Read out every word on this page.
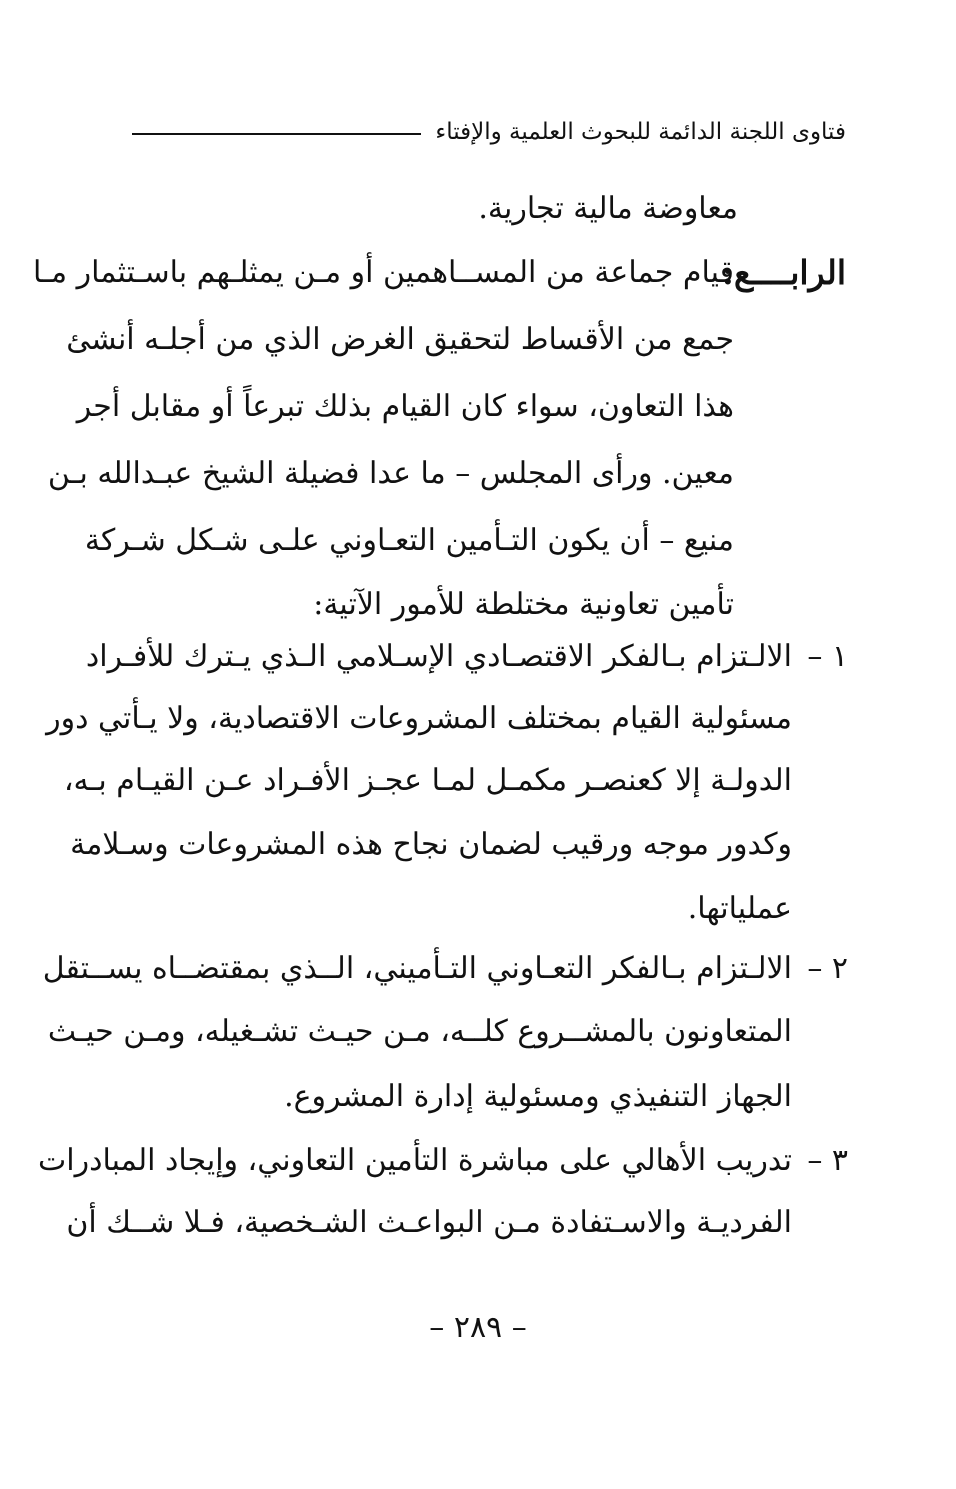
فتاوى اللجنة الدائمة للبحوث العلمية والإفتاء
معاوضة مالية تجارية.
الرابــــع:
قيام جماعة من المســاهمين أو مـن يمثلـهم باسـتثمار مـا
جمع من الأقساط لتحقيق الغرض الذي من أجلـه أنشئ
هذا التعاون، سواء كان القيام بذلك تبرعاً أو مقابل أجر
معين. ورأى المجلس – ما عدا فضيلة الشيخ عبـدالله بـن
منيع – أن يكون التـأمين التعـاوني علـى شـكل شـركة
تأمين تعاونية مختلطة للأمور الآتية:
١ –
الالـتزام بـالفكر الاقتصـادي الإسـلامي الـذي يـترك للأفـراد
مسئولية القيام بمختلف المشروعات الاقتصادية، ولا يـأتي دور
الدولـة إلا كعنصـر مكمـل لمـا عجـز الأفـراد عـن القيـام بـه،
وكدور موجه ورقيب لضمان نجاح هذه المشروعات وسـلامة
عملياتها.
٢ –
الالـتزام بـالفكر التعـاوني التـأميني، الــذي بمقتضــاه يســتقل
المتعاونون بالمشــروع كلــه، مـن حيـث تشـغيله، ومـن حيـث
الجهاز التنفيذي ومسئولية إدارة المشروع.
٣ –
تدريب الأهالي على مباشرة التأمين التعاوني، وإيجاد المبادرات
الفرديـة والاسـتفادة مـن البواعـث الشـخصية، فـلا شــك أن
– ٢٨٩ –
